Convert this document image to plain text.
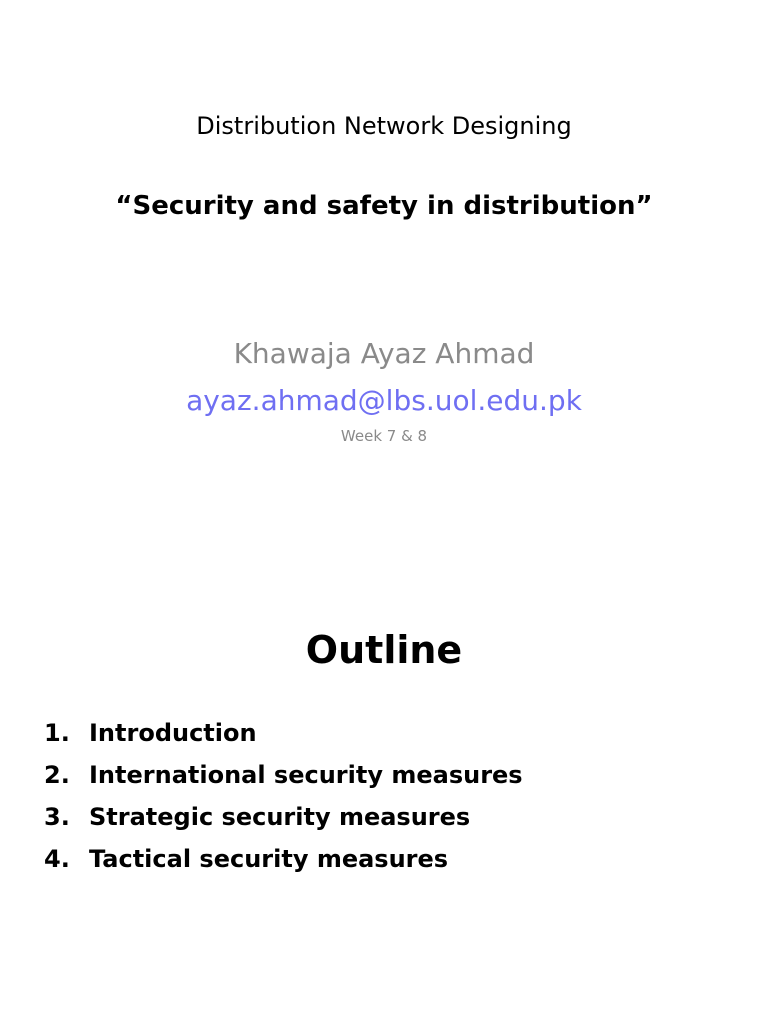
Distribution Network Designing
“Security and safety in distribution”
Khawaja Ayaz Ahmad
ayaz.ahmad@lbs.uol.edu.pk
Week 7 & 8
Outline
1. Introduction
2. International security measures
3. Strategic security measures
4. Tactical security measures
